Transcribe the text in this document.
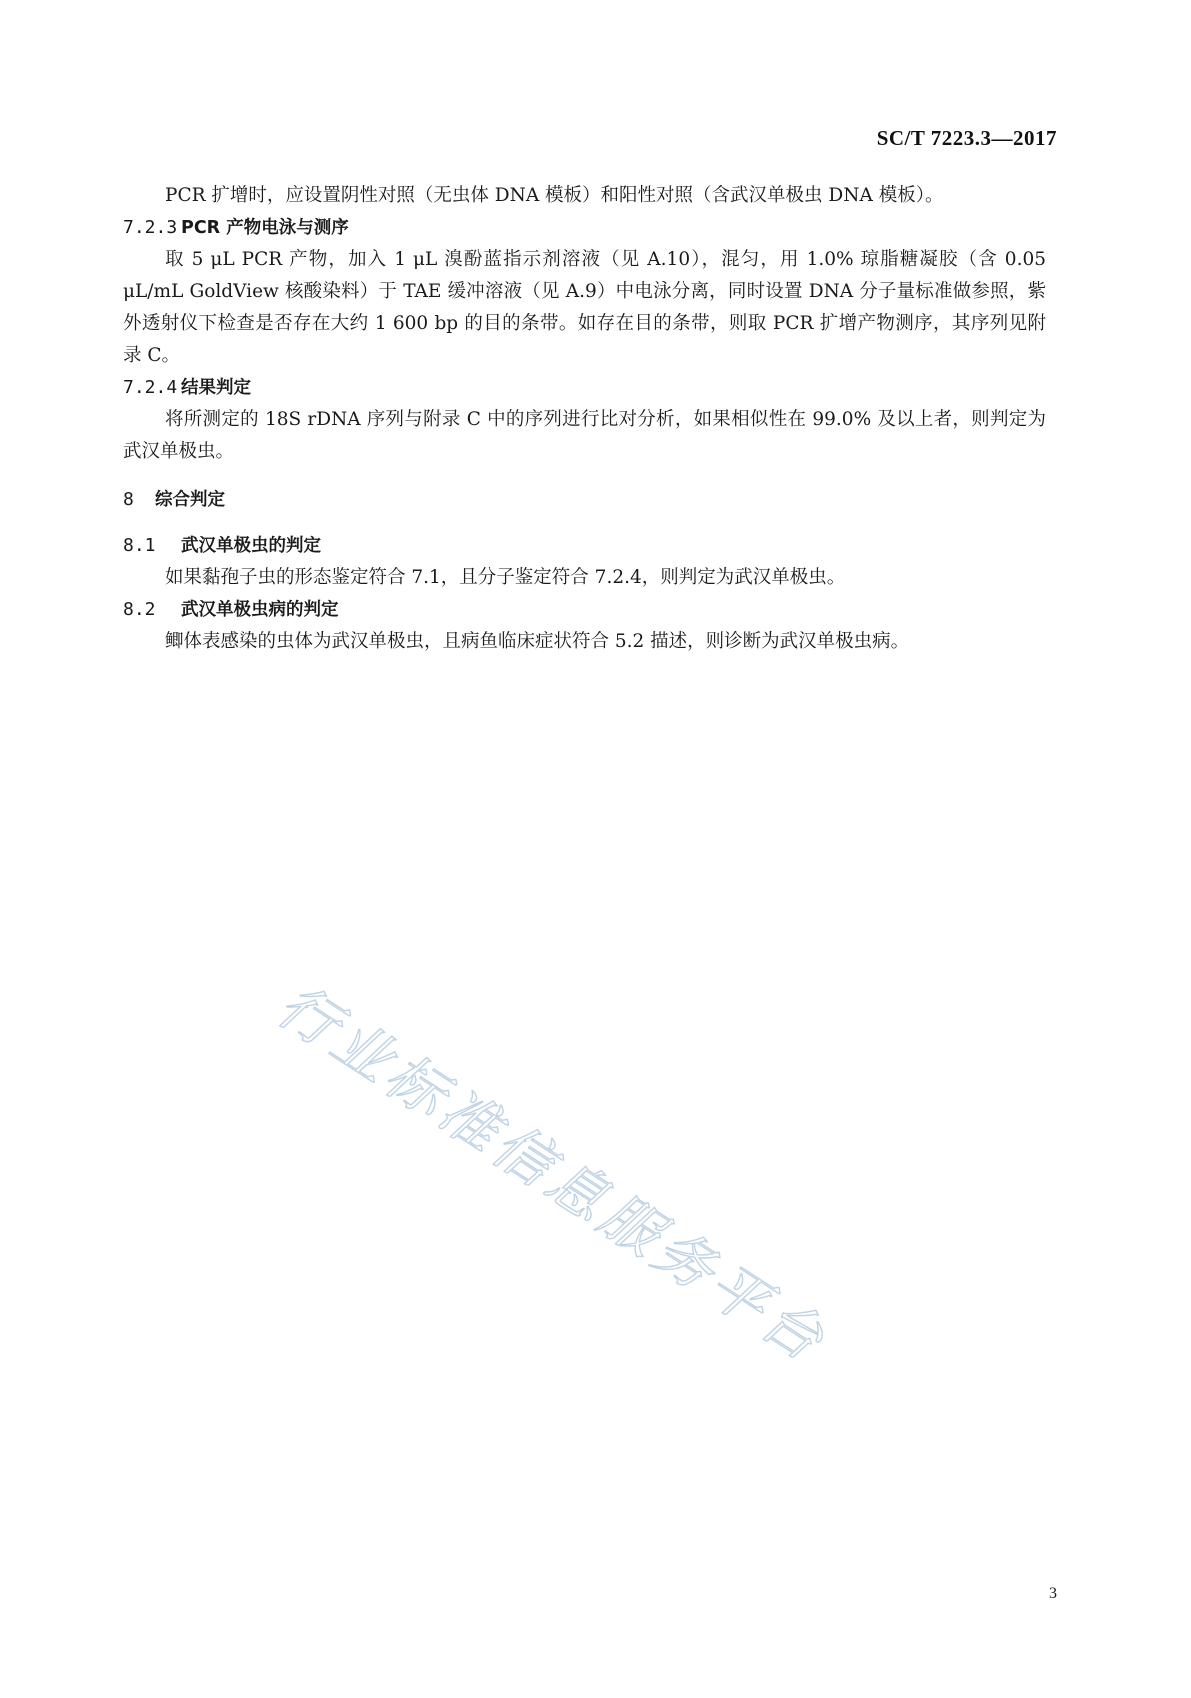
SC/T 7223.3—2017

PCR 扩增时，应设置阴性对照（无虫体 DNA 模板）和阳性对照（含武汉单极虫 DNA 模板）。

7.2.3 PCR 产物电泳与测序

取 5 μL PCR 产物，加入 1 μL 溴酚蓝指示剂溶液（见 A.10），混匀，用 1.0% 琼脂糖凝胶（含 0.05 μL/mL GoldView 核酸染料）于 TAE 缓冲溶液（见 A.9）中电泳分离，同时设置 DNA 分子量标准做参照，紫外透射仪下检查是否存在大约 1 600 bp 的目的条带。如存在目的条带，则取 PCR 扩增产物测序，其序列见附录 C。

7.2.4 结果判定

将所测定的 18S rDNA 序列与附录 C 中的序列进行比对分析，如果相似性在 99.0% 及以上者，则判定为武汉单极虫。

8 综合判定
8.1 武汉单极虫的判定

如果黏孢子虫的形态鉴定符合 7.1，且分子鉴定符合 7.2.4，则判定为武汉单极虫。

8.2 武汉单极虫病的判定

鲫体表感染的虫体为武汉单极虫，且病鱼临床症状符合 5.2 描述，则诊断为武汉单极虫病。

行业标准信息服务平台
3
